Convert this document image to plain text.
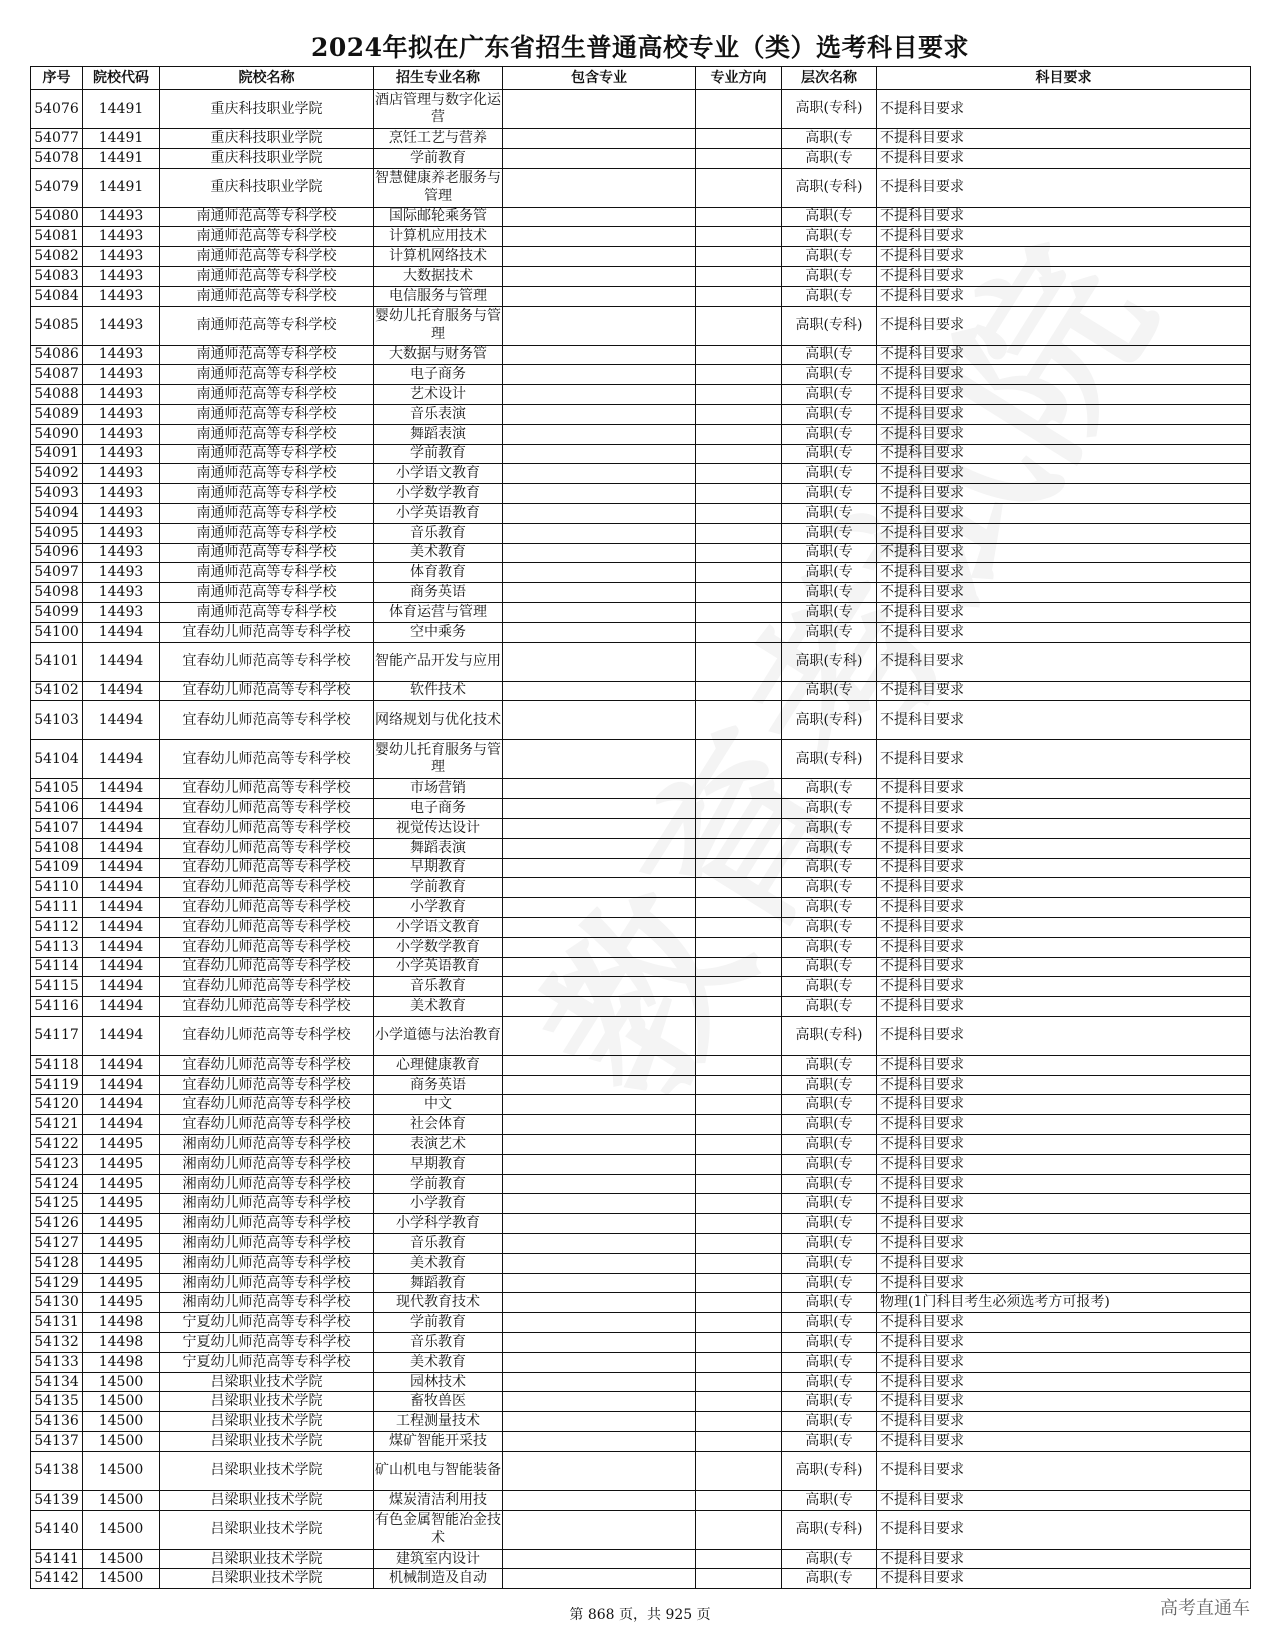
2024年拟在广东省招生普通高校专业（类）选考科目要求
序号	院校代码	院校名称	招生专业名称	包含专业	专业方向	层次名称	科目要求
54076	14491	重庆科技职业学院	酒店管理与数字化运营			高职(专科)	不提科目要求
54077	14491	重庆科技职业学院	烹饪工艺与营养			高职(专	不提科目要求
54078	14491	重庆科技职业学院	学前教育			高职(专	不提科目要求
54079	14491	重庆科技职业学院	智慧健康养老服务与管理			高职(专科)	不提科目要求
54080	14493	南通师范高等专科学校	国际邮轮乘务管			高职(专	不提科目要求
54081	14493	南通师范高等专科学校	计算机应用技术			高职(专	不提科目要求
54082	14493	南通师范高等专科学校	计算机网络技术			高职(专	不提科目要求
54083	14493	南通师范高等专科学校	大数据技术			高职(专	不提科目要求
54084	14493	南通师范高等专科学校	电信服务与管理			高职(专	不提科目要求
54085	14493	南通师范高等专科学校	婴幼儿托育服务与管理			高职(专科)	不提科目要求
54086	14493	南通师范高等专科学校	大数据与财务管			高职(专	不提科目要求
54087	14493	南通师范高等专科学校	电子商务			高职(专	不提科目要求
54088	14493	南通师范高等专科学校	艺术设计			高职(专	不提科目要求
54089	14493	南通师范高等专科学校	音乐表演			高职(专	不提科目要求
54090	14493	南通师范高等专科学校	舞蹈表演			高职(专	不提科目要求
54091	14493	南通师范高等专科学校	学前教育			高职(专	不提科目要求
54092	14493	南通师范高等专科学校	小学语文教育			高职(专	不提科目要求
54093	14493	南通师范高等专科学校	小学数学教育			高职(专	不提科目要求
54094	14493	南通师范高等专科学校	小学英语教育			高职(专	不提科目要求
54095	14493	南通师范高等专科学校	音乐教育			高职(专	不提科目要求
54096	14493	南通师范高等专科学校	美术教育			高职(专	不提科目要求
54097	14493	南通师范高等专科学校	体育教育			高职(专	不提科目要求
54098	14493	南通师范高等专科学校	商务英语			高职(专	不提科目要求
54099	14493	南通师范高等专科学校	体育运营与管理			高职(专	不提科目要求
54100	14494	宜春幼儿师范高等专科学校	空中乘务			高职(专	不提科目要求
54101	14494	宜春幼儿师范高等专科学校	智能产品开发与应用			高职(专科)	不提科目要求
54102	14494	宜春幼儿师范高等专科学校	软件技术			高职(专	不提科目要求
54103	14494	宜春幼儿师范高等专科学校	网络规划与优化技术			高职(专科)	不提科目要求
54104	14494	宜春幼儿师范高等专科学校	婴幼儿托育服务与管理			高职(专科)	不提科目要求
54105	14494	宜春幼儿师范高等专科学校	市场营销			高职(专	不提科目要求
54106	14494	宜春幼儿师范高等专科学校	电子商务			高职(专	不提科目要求
54107	14494	宜春幼儿师范高等专科学校	视觉传达设计			高职(专	不提科目要求
54108	14494	宜春幼儿师范高等专科学校	舞蹈表演			高职(专	不提科目要求
54109	14494	宜春幼儿师范高等专科学校	早期教育			高职(专	不提科目要求
54110	14494	宜春幼儿师范高等专科学校	学前教育			高职(专	不提科目要求
54111	14494	宜春幼儿师范高等专科学校	小学教育			高职(专	不提科目要求
54112	14494	宜春幼儿师范高等专科学校	小学语文教育			高职(专	不提科目要求
54113	14494	宜春幼儿师范高等专科学校	小学数学教育			高职(专	不提科目要求
54114	14494	宜春幼儿师范高等专科学校	小学英语教育			高职(专	不提科目要求
54115	14494	宜春幼儿师范高等专科学校	音乐教育			高职(专	不提科目要求
54116	14494	宜春幼儿师范高等专科学校	美术教育			高职(专	不提科目要求
54117	14494	宜春幼儿师范高等专科学校	小学道德与法治教育			高职(专科)	不提科目要求
54118	14494	宜春幼儿师范高等专科学校	心理健康教育			高职(专	不提科目要求
54119	14494	宜春幼儿师范高等专科学校	商务英语			高职(专	不提科目要求
54120	14494	宜春幼儿师范高等专科学校	中文			高职(专	不提科目要求
54121	14494	宜春幼儿师范高等专科学校	社会体育			高职(专	不提科目要求
54122	14495	湘南幼儿师范高等专科学校	表演艺术			高职(专	不提科目要求
54123	14495	湘南幼儿师范高等专科学校	早期教育			高职(专	不提科目要求
54124	14495	湘南幼儿师范高等专科学校	学前教育			高职(专	不提科目要求
54125	14495	湘南幼儿师范高等专科学校	小学教育			高职(专	不提科目要求
54126	14495	湘南幼儿师范高等专科学校	小学科学教育			高职(专	不提科目要求
54127	14495	湘南幼儿师范高等专科学校	音乐教育			高职(专	不提科目要求
54128	14495	湘南幼儿师范高等专科学校	美术教育			高职(专	不提科目要求
54129	14495	湘南幼儿师范高等专科学校	舞蹈教育			高职(专	不提科目要求
54130	14495	湘南幼儿师范高等专科学校	现代教育技术			高职(专	物理(1门科目考生必须选考方可报考)
54131	14498	宁夏幼儿师范高等专科学校	学前教育			高职(专	不提科目要求
54132	14498	宁夏幼儿师范高等专科学校	音乐教育			高职(专	不提科目要求
54133	14498	宁夏幼儿师范高等专科学校	美术教育			高职(专	不提科目要求
54134	14500	吕梁职业技术学院	园林技术			高职(专	不提科目要求
54135	14500	吕梁职业技术学院	畜牧兽医			高职(专	不提科目要求
54136	14500	吕梁职业技术学院	工程测量技术			高职(专	不提科目要求
54137	14500	吕梁职业技术学院	煤矿智能开采技			高职(专	不提科目要求
54138	14500	吕梁职业技术学院	矿山机电与智能装备			高职(专科)	不提科目要求
54139	14500	吕梁职业技术学院	煤炭清洁利用技			高职(专	不提科目要求
54140	14500	吕梁职业技术学院	有色金属智能冶金技术			高职(专科)	不提科目要求
54141	14500	吕梁职业技术学院	建筑室内设计			高职(专	不提科目要求
54142	14500	吕梁职业技术学院	机械制造及自动			高职(专	不提科目要求
第 868 页，共 925 页	高考直通车
